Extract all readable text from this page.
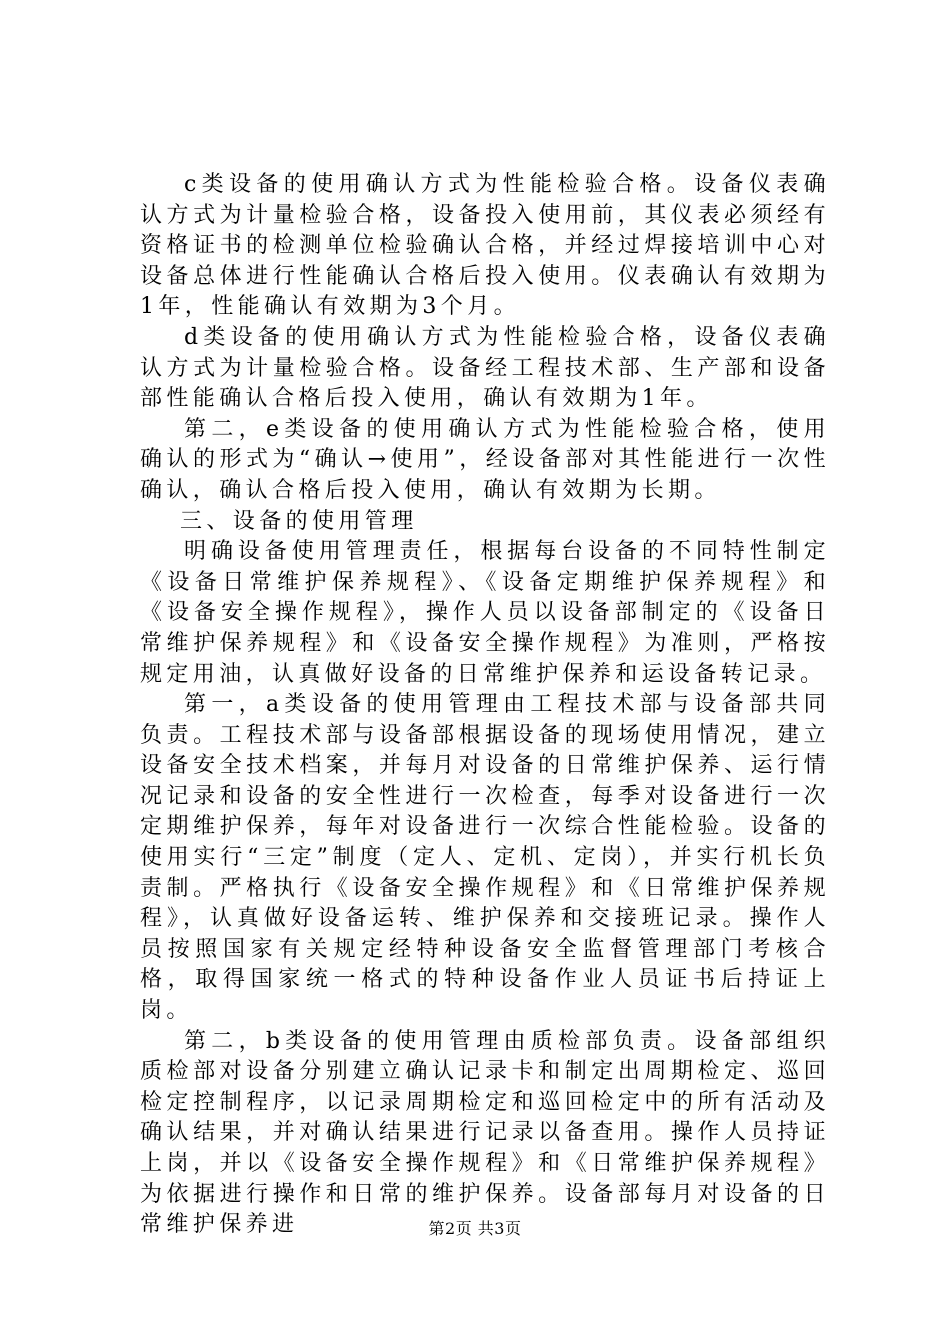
c类设备的使用确认方式为性能检验合格。设备仪表确认方式为计量检验合格，设备投入使用前，其仪表必须经有资格证书的检测单位检验确认合格，并经过焊接培训中心对设备总体进行性能确认合格后投入使用。仪表确认有效期为1年，性能确认有效期为3个月。

d类设备的使用确认方式为性能检验合格，设备仪表确认方式为计量检验合格。设备经工程技术部、生产部和设备部性能确认合格后投入使用，确认有效期为1年。

第二，e类设备的使用确认方式为性能检验合格，使用确认的形式为“确认→使用”，经设备部对其性能进行一次性确认，确认合格后投入使用，确认有效期为长期。

三、设备的使用管理

明确设备使用管理责任，根据每台设备的不同特性制定《设备日常维护保养规程》、《设备定期维护保养规程》和《设备安全操作规程》，操作人员以设备部制定的《设备日常维护保养规程》和《设备安全操作规程》为准则，严格按规定用油，认真做好设备的日常维护保养和运设备转记录。

第一，a类设备的使用管理由工程技术部与设备部共同负责。工程技术部与设备部根据设备的现场使用情况，建立设备安全技术档案，并每月对设备的日常维护保养、运行情况记录和设备的安全性进行一次检查，每季对设备进行一次定期维护保养，每年对设备进行一次综合性能检验。设备的使用实行“三定”制度（定人、定机、定岗），并实行机长负责制。严格执行《设备安全操作规程》和《日常维护保养规程》，认真做好设备运转、维护保养和交接班记录。操作人员按照国家有关规定经特种设备安全监督管理部门考核合格，取得国家统一格式的特种设备作业人员证书后持证上岗。

第二，b类设备的使用管理由质检部负责。设备部组织质检部对设备分别建立确认记录卡和制定出周期检定、巡回检定控制程序，以记录周期检定和巡回检定中的所有活动及确认结果，并对确认结果进行记录以备查用。操作人员持证上岗，并以《设备安全操作规程》和《日常维护保养规程》为依据进行操作和日常的维护保养。设备部每月对设备的日常维护保养进	第2页 共3页
